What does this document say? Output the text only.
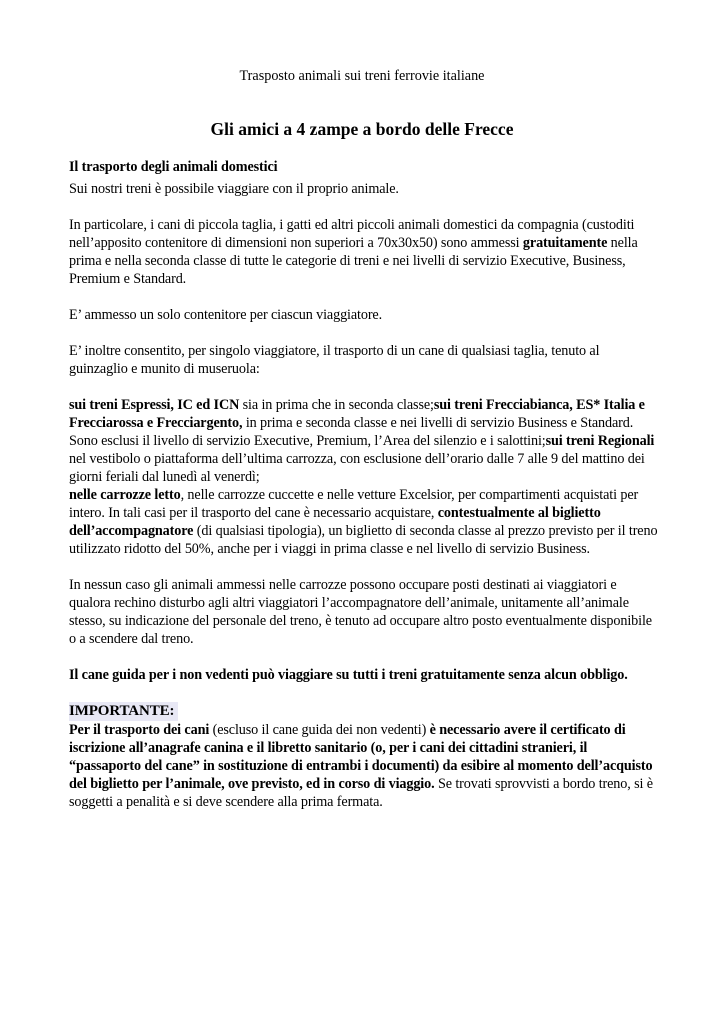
Trasposto animali sui treni ferrovie italiane
Gli amici a 4 zampe a bordo delle Frecce

Il trasporto degli animali domestici

Sui nostri treni è possibile viaggiare con il proprio animale.

In particolare, i cani di piccola taglia, i gatti ed altri piccoli animali domestici da compagnia (custoditi nell’apposito contenitore di dimensioni non superiori a 70x30x50) sono ammessi gratuitamente nella prima e nella seconda classe di tutte le categorie di treni e nei livelli di servizio Executive, Business, Premium e Standard.

E’ ammesso un solo contenitore per ciascun viaggiatore.

E’ inoltre consentito, per singolo viaggiatore, il trasporto di un cane di qualsiasi taglia, tenuto al guinzaglio e munito di museruola:

sui treni Espressi, IC ed ICN sia in prima che in seconda classe;sui treni Frecciabianca, ES* Italia e Frecciarossa e Frecciargento, in prima e seconda classe e nei livelli di servizio Business e Standard. Sono esclusi il livello di servizio Executive, Premium, l’Area del silenzio e i salottini;sui treni Regionali nel vestibolo o piattaforma dell’ultima carrozza, con esclusione dell’orario dalle 7 alle 9 del mattino dei giorni feriali dal lunedì al venerdì;
nelle carrozze letto, nelle carrozze cuccette e nelle vetture Excelsior, per compartimenti acquistati per intero. In tali casi per il trasporto del cane è necessario acquistare, contestualmente al biglietto dell’accompagnatore (di qualsiasi tipologia), un biglietto di seconda classe al prezzo previsto per il treno utilizzato ridotto del 50%, anche per i viaggi in prima classe e nel livello di servizio Business.

In nessun caso gli animali ammessi nelle carrozze possono occupare posti destinati ai viaggiatori e qualora rechino disturbo agli altri viaggiatori l’accompagnatore dell’animale, unitamente all’animale stesso, su indicazione del personale del treno, è tenuto ad occupare altro posto eventualmente disponibile o a scendere dal treno.

Il cane guida per i non vedenti può viaggiare su tutti i treni gratuitamente senza alcun obbligo.

IMPORTANTE:

Per il trasporto dei cani (escluso il cane guida dei non vedenti) è necessario avere il certificato di iscrizione all’anagrafe canina e il libretto sanitario (o, per i cani dei cittadini stranieri, il “passaporto del cane” in sostituzione di entrambi i documenti) da esibire al momento dell’acquisto del biglietto per l’animale, ove previsto, ed in corso di viaggio. Se trovati sprovvisti a bordo treno, si è soggetti a penalità e si deve scendere alla prima fermata.
